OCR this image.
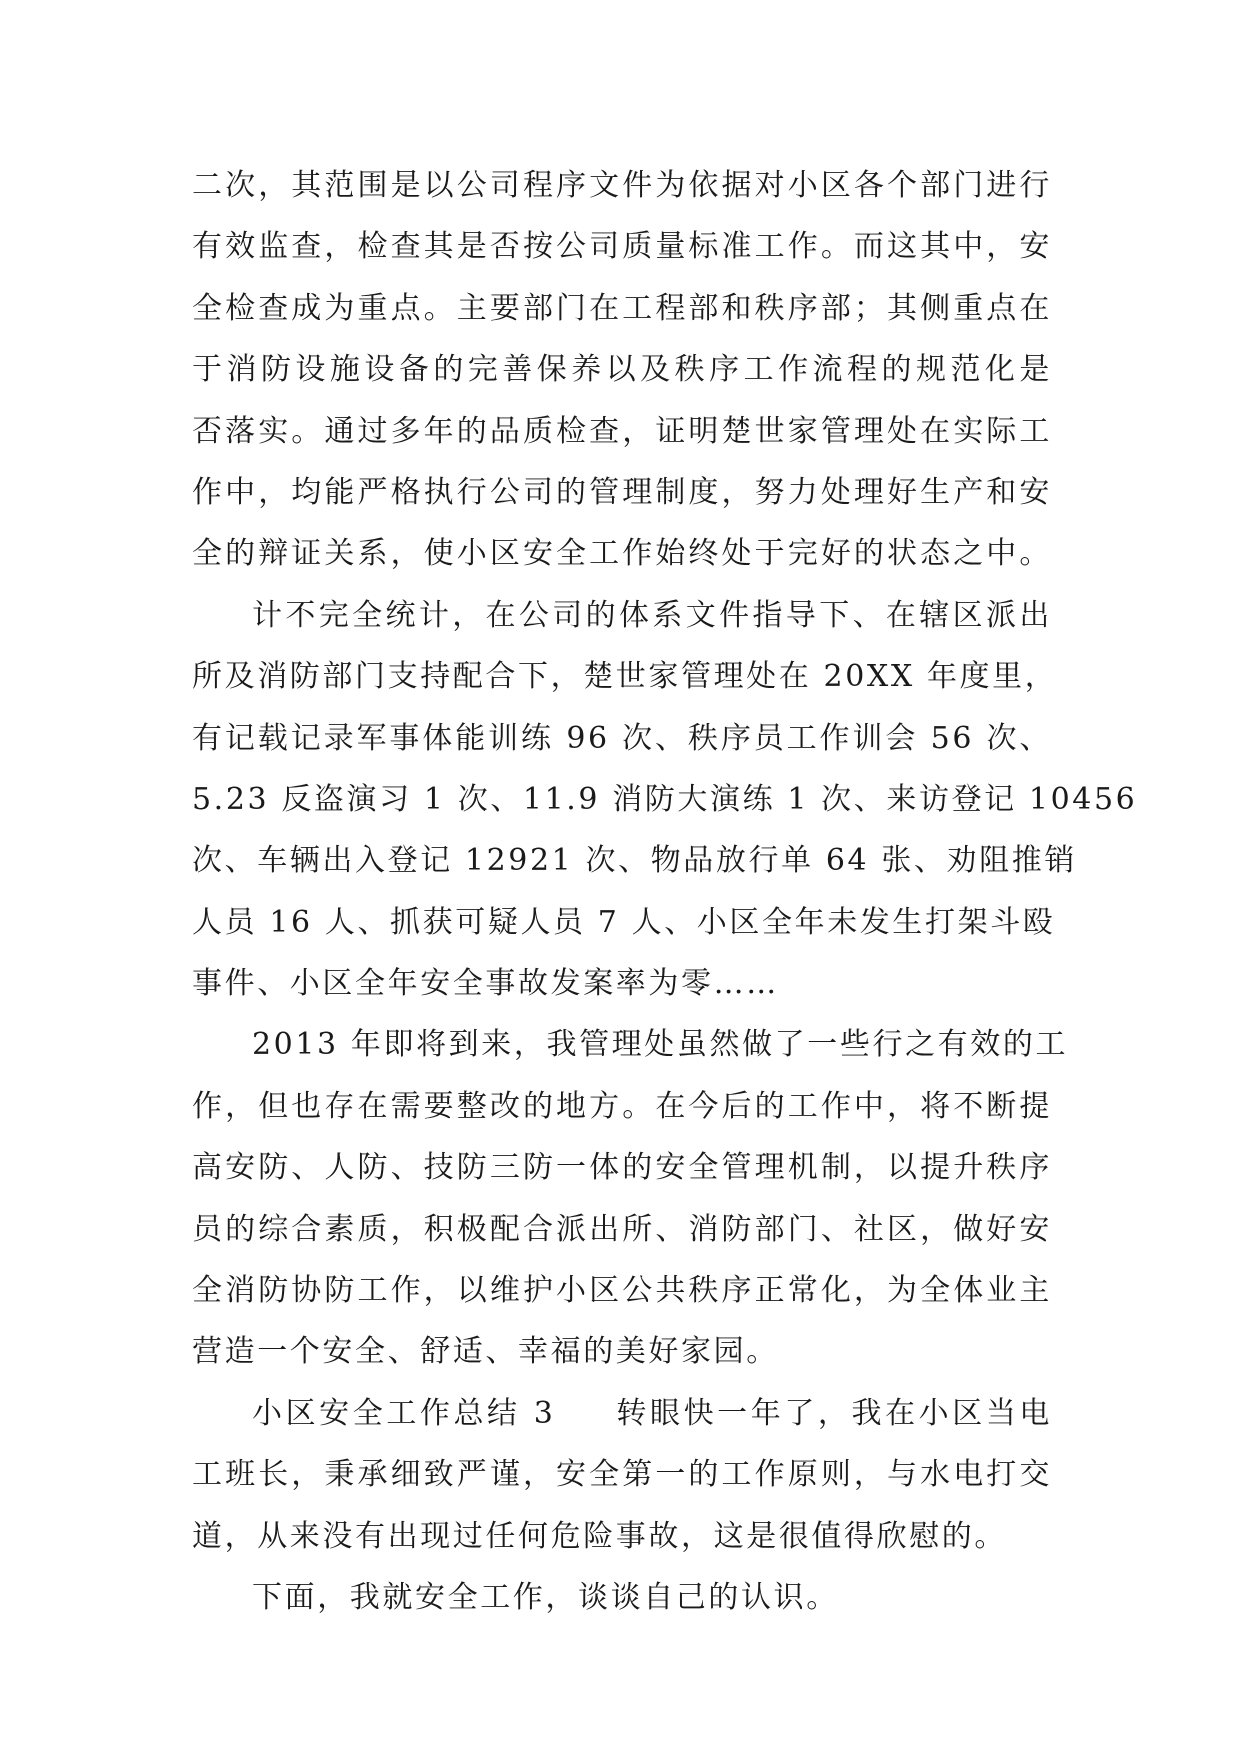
二次，其范围是以公司程序文件为依据对小区各个部门进行
有效监查，检查其是否按公司质量标准工作。而这其中，安
全检查成为重点。主要部门在工程部和秩序部；其侧重点在
于消防设施设备的完善保养以及秩序工作流程的规范化是
否落实。通过多年的品质检查，证明楚世家管理处在实际工
作中，均能严格执行公司的管理制度，努力处理好生产和安
全的辩证关系，使小区安全工作始终处于完好的状态之中。
计不完全统计，在公司的体系文件指导下、在辖区派出
所及消防部门支持配合下，楚世家管理处在 20XX 年度里，
有记载记录军事体能训练 96 次、秩序员工作训会 56 次、
5.23 反盗演习 1 次、11.9 消防大演练 1 次、来访登记 10456
次、车辆出入登记 12921 次、物品放行单 64 张、劝阻推销
人员 16 人、抓获可疑人员 7 人、小区全年未发生打架斗殴
事件、小区全年安全事故发案率为零……
2013 年即将到来，我管理处虽然做了一些行之有效的工
作，但也存在需要整改的地方。在今后的工作中，将不断提
高安防、人防、技防三防一体的安全管理机制，以提升秩序
员的综合素质，积极配合派出所、消防部门、社区，做好安
全消防协防工作，以维护小区公共秩序正常化，为全体业主
营造一个安全、舒适、幸福的美好家园。
小区安全工作总结 3 转眼快一年了，我在小区当电
工班长，秉承细致严谨，安全第一的工作原则，与水电打交
道，从来没有出现过任何危险事故，这是很值得欣慰的。
下面，我就安全工作，谈谈自己的认识。
